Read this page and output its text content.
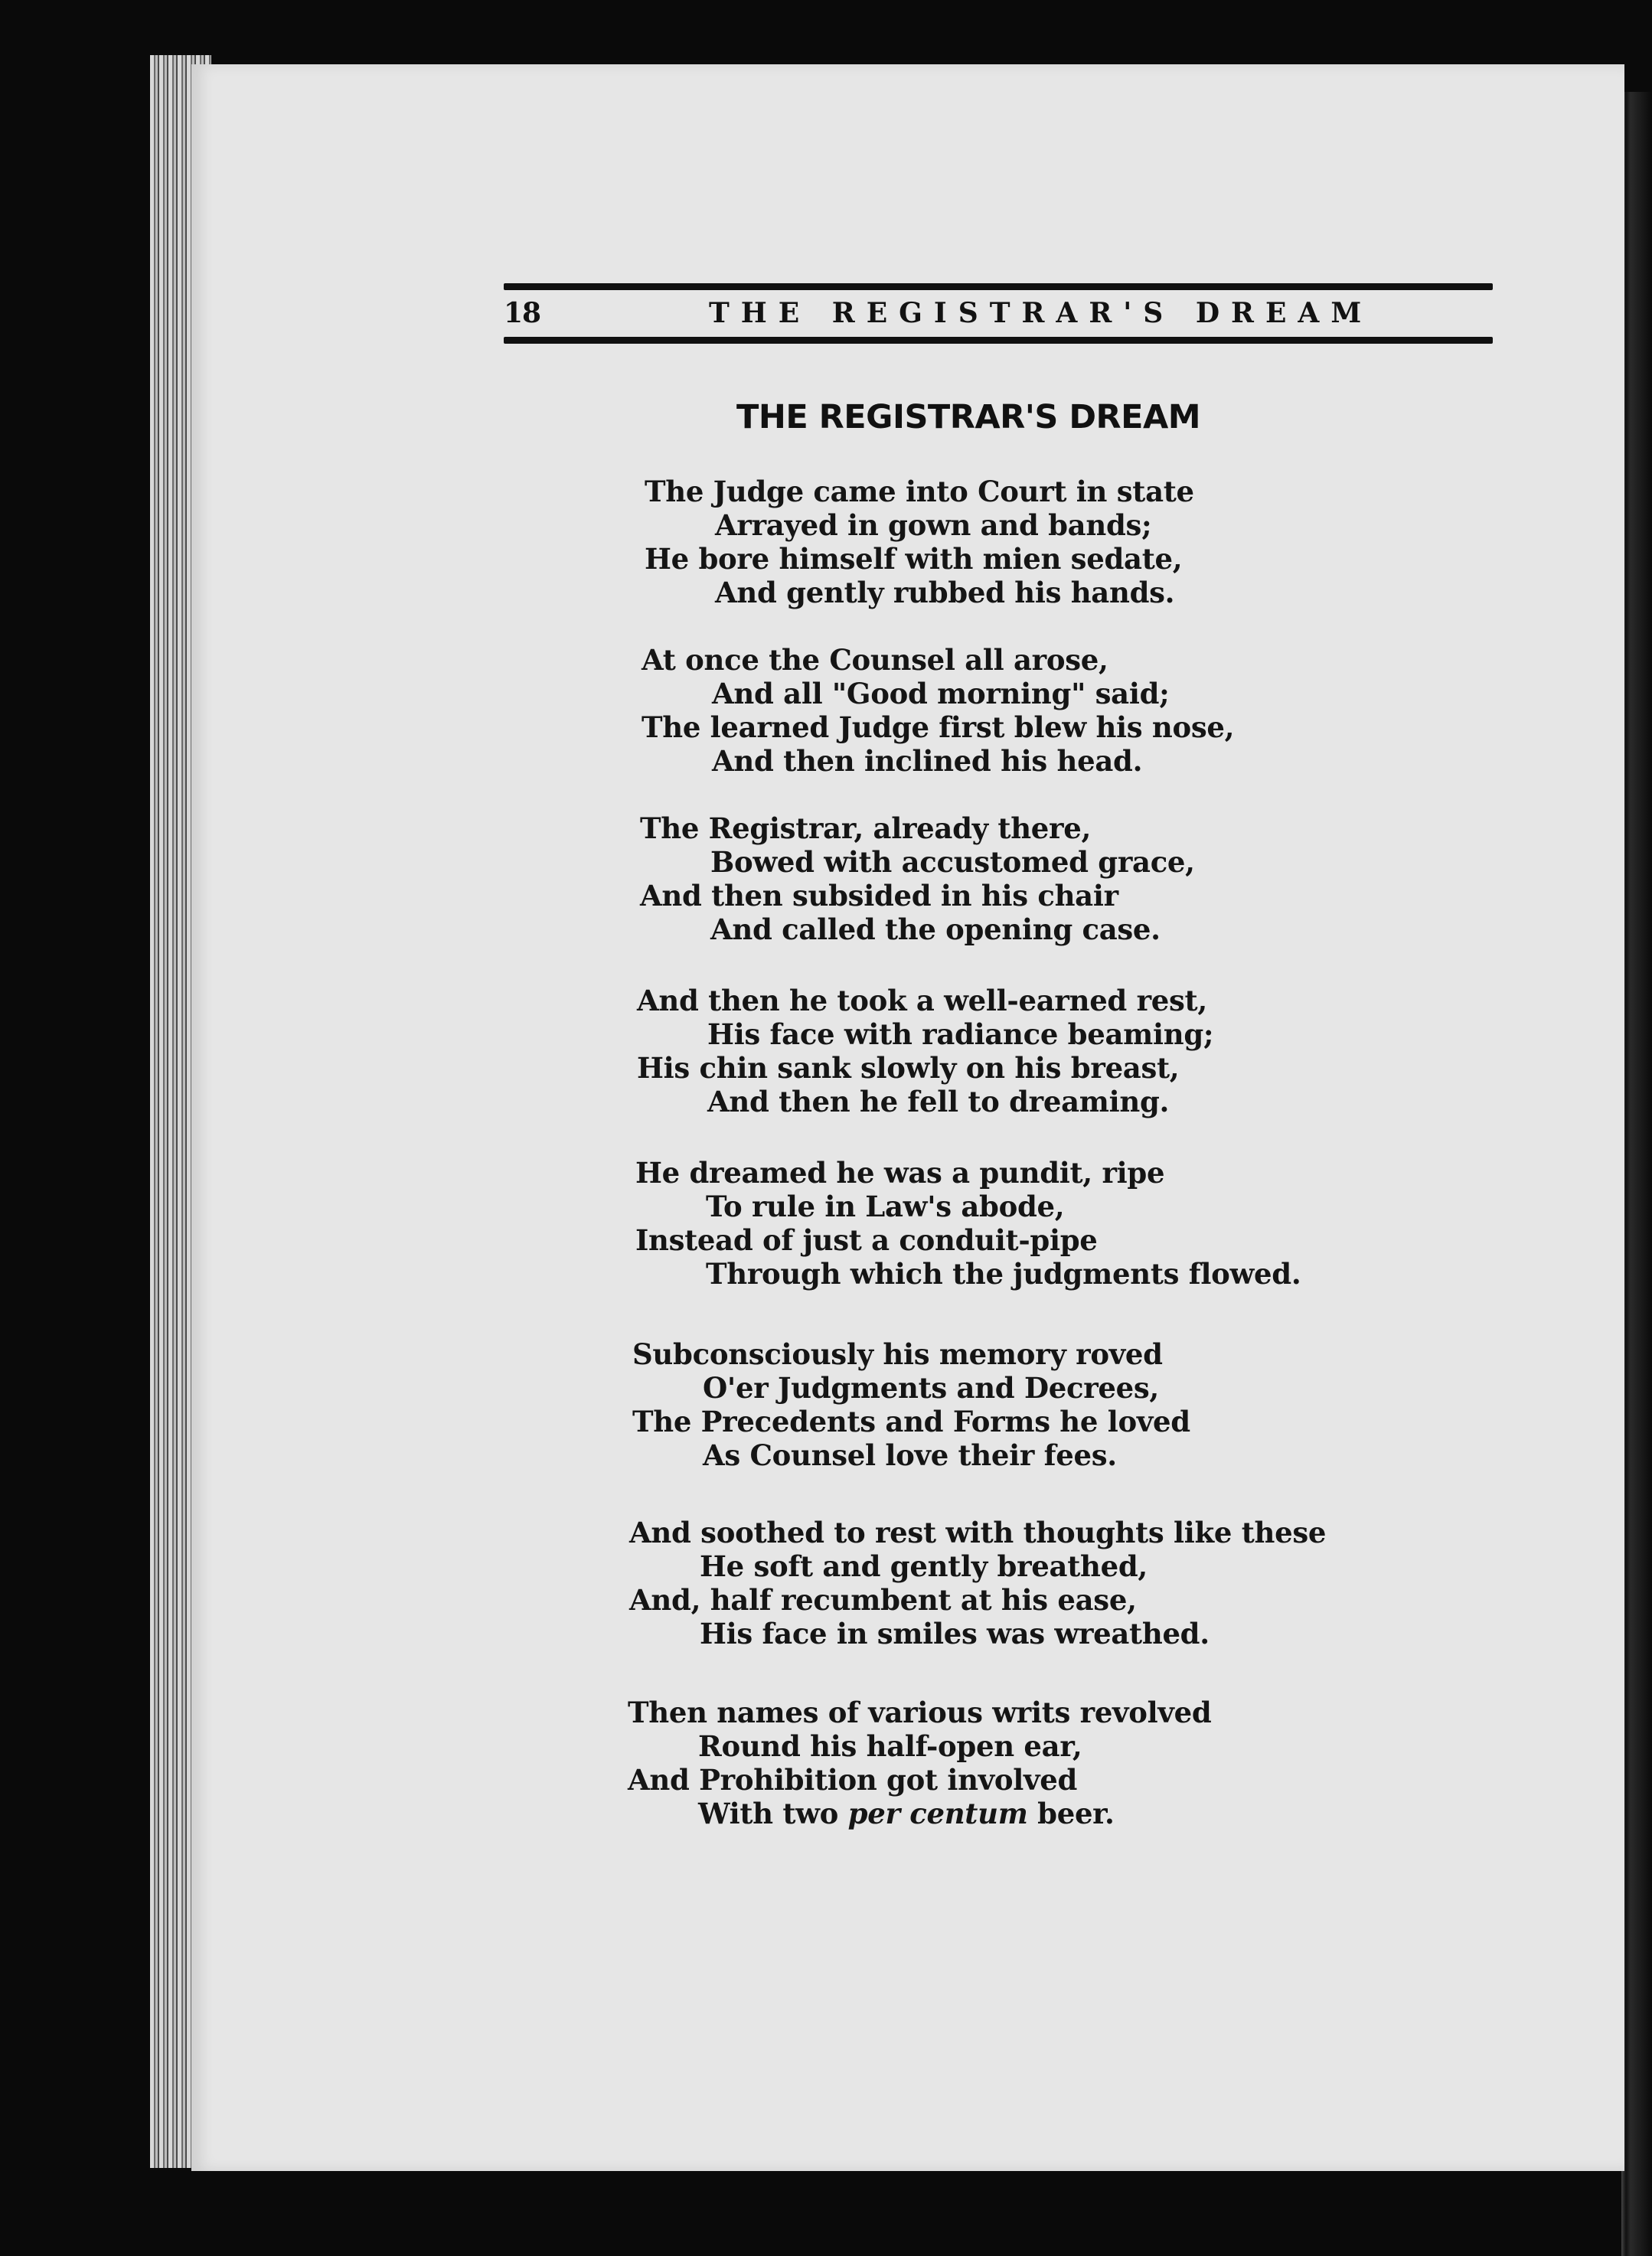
18	THE REGISTRAR'S DREAM
THE REGISTRAR'S DREAM
The Judge came into Court in state
Arrayed in gown and bands;
He bore himself with mien sedate,
And gently rubbed his hands.
At once the Counsel all arose,
And all "Good morning" said;
The learned Judge first blew his nose,
And then inclined his head.
The Registrar, already there,
Bowed with accustomed grace,
And then subsided in his chair
And called the opening case.
And then he took a well-earned rest,
His face with radiance beaming;
His chin sank slowly on his breast,
And then he fell to dreaming.
He dreamed he was a pundit, ripe
To rule in Law's abode,
Instead of just a conduit-pipe
Through which the judgments flowed.
Subconsciously his memory roved
O'er Judgments and Decrees,
The Precedents and Forms he loved
As Counsel love their fees.
And soothed to rest with thoughts like these
He soft and gently breathed,
And, half recumbent at his ease,
His face in smiles was wreathed.
Then names of various writs revolved
Round his half-open ear,
And Prohibition got involved
With two per centum beer.
